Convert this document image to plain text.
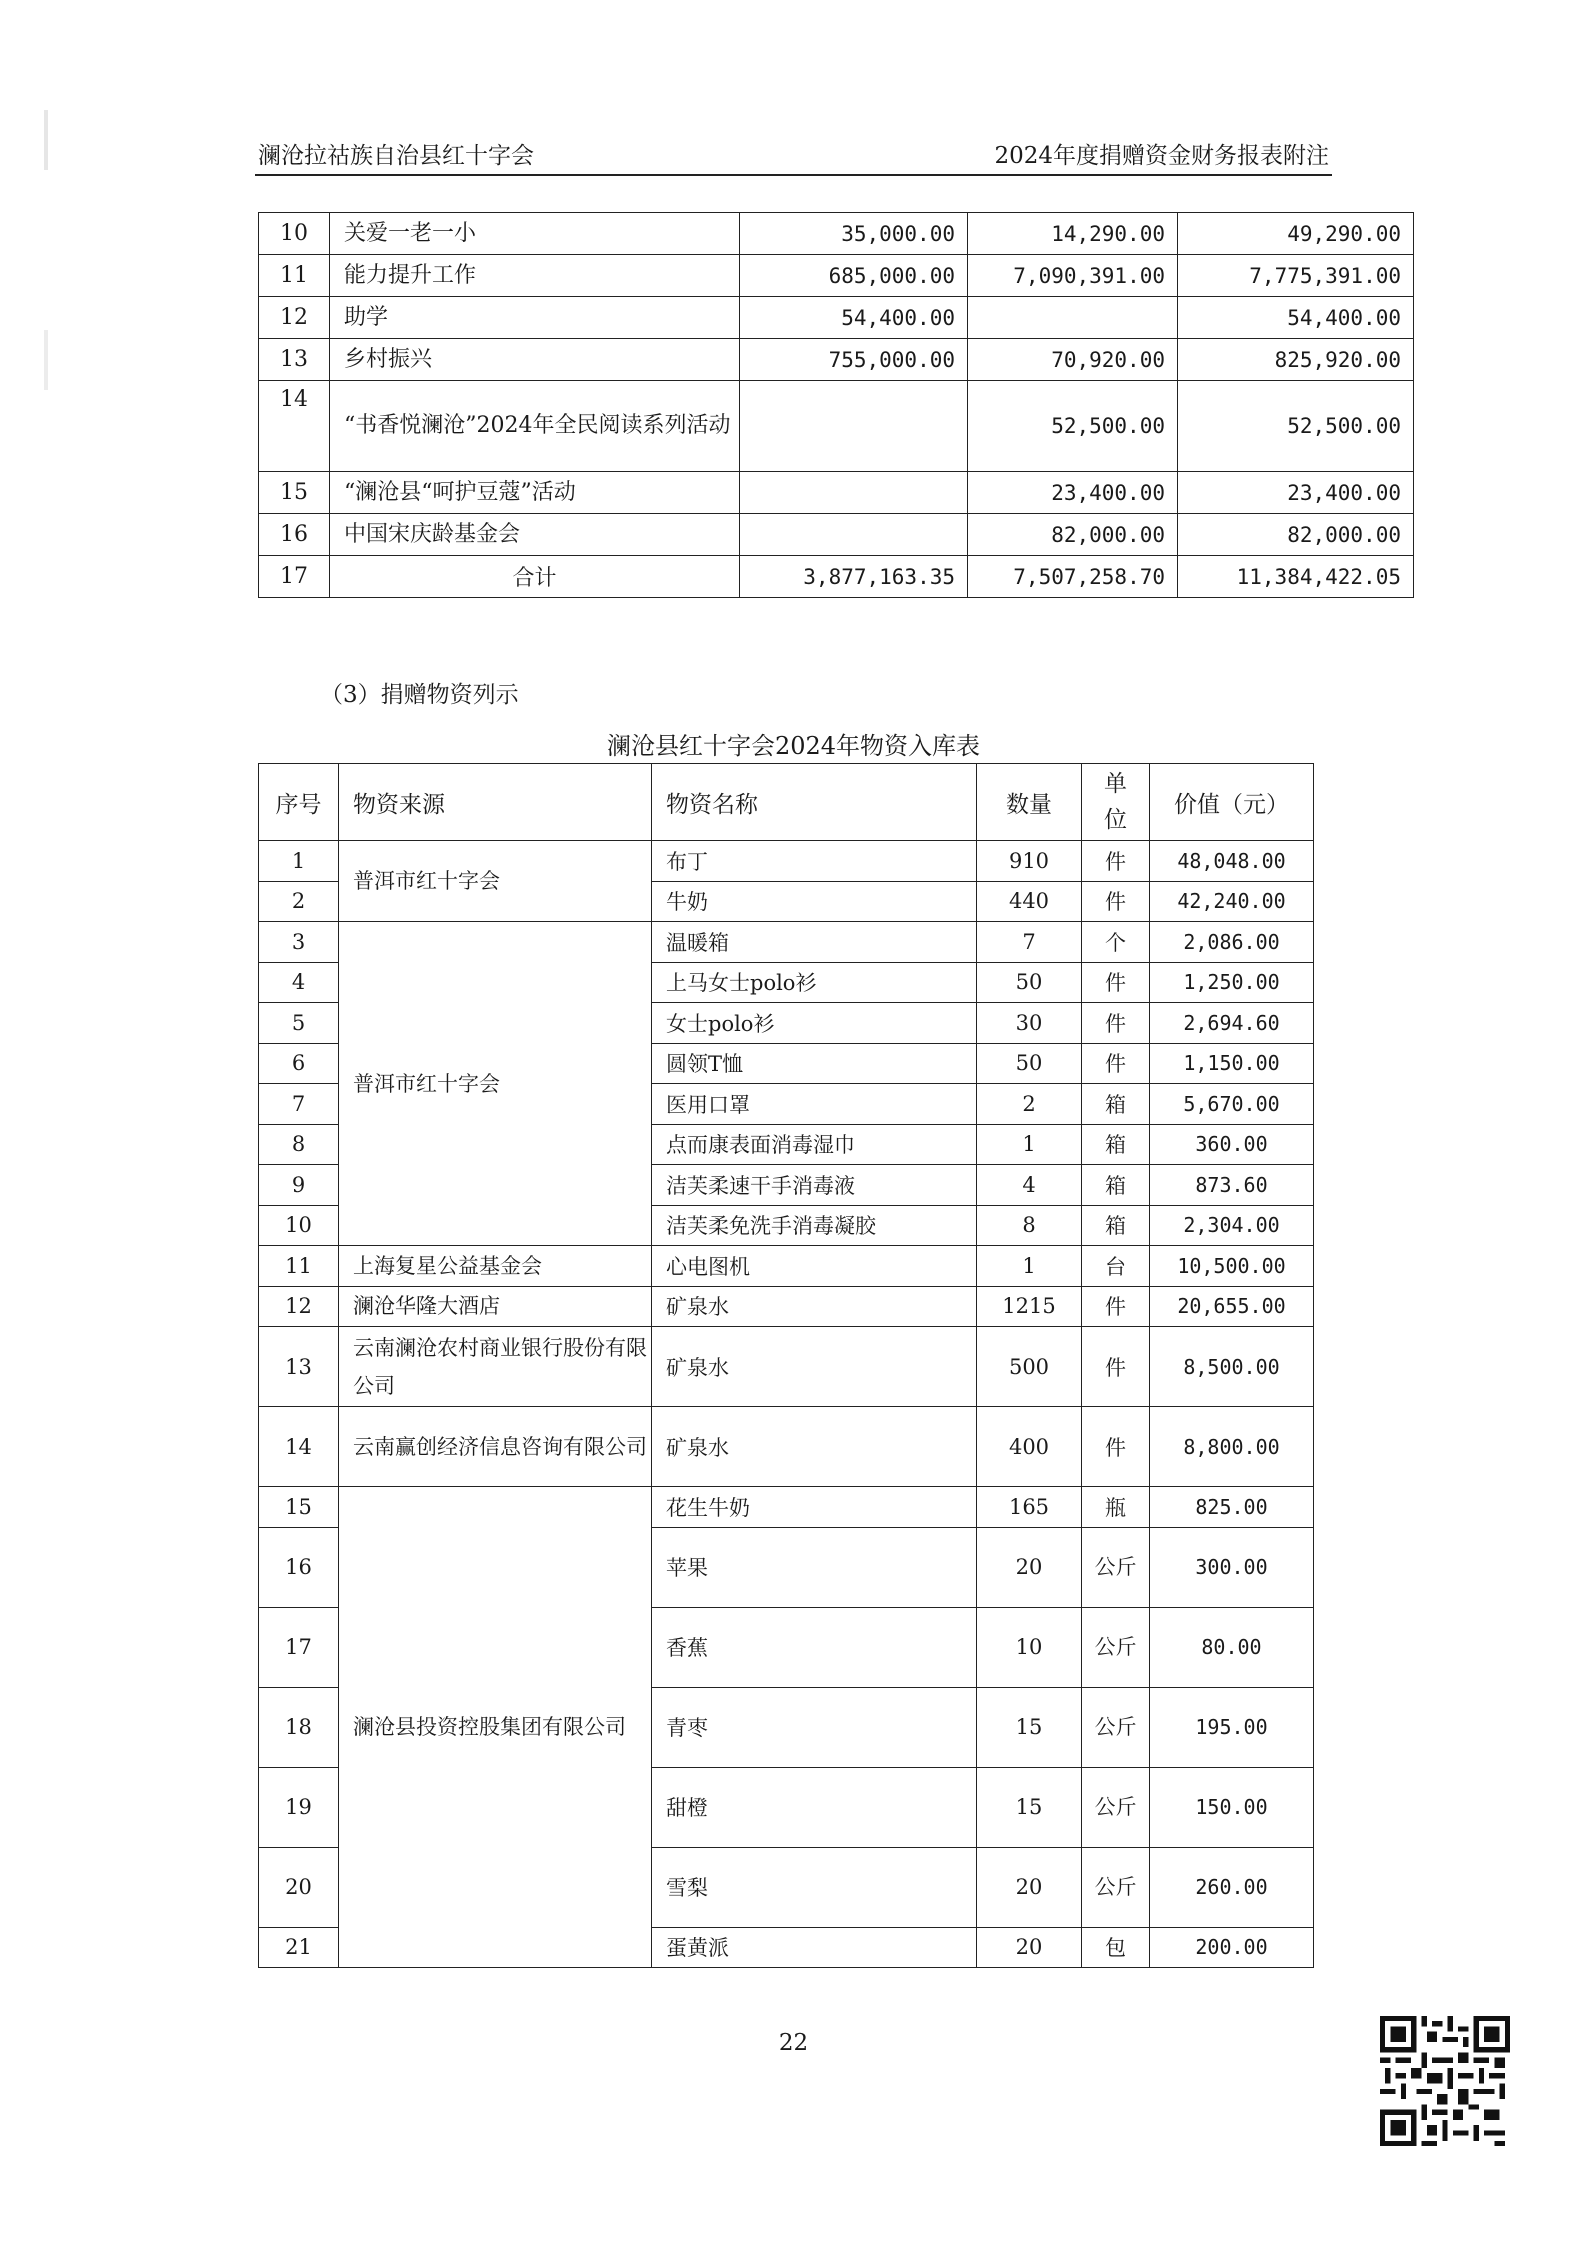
澜沧拉祜族自治县红十字会	2024年度捐赠资金财务报表附注
10	关爱一老一小	35,000.00	14,290.00	49,290.00
11	能力提升工作	685,000.00	7,090,391.00	7,775,391.00
12	助学	54,400.00		54,400.00
13	乡村振兴	755,000.00	70,920.00	825,920.00
14	“书香悦澜沧”2024年全民阅读系列活动		52,500.00	52,500.00
15	“澜沧县“呵护豆蔻”活动		23,400.00	23,400.00
16	中国宋庆龄基金会		82,000.00	82,000.00
17	合计	3,877,163.35	7,507,258.70	11,384,422.05
（3）捐赠物资列示
澜沧县红十字会2024年物资入库表
序号	物资来源	物资名称	数量	单位	价值（元）
1	普洱市红十字会	布丁	910	件	48,048.00
2		牛奶	440	件	42,240.00
3	普洱市红十字会	温暖箱	7	个	2,086.00
4		上马女士polo衫	50	件	1,250.00
5		女士polo衫	30	件	2,694.60
6		圆领T恤	50	件	1,150.00
7		医用口罩	2	箱	5,670.00
8		点而康表面消毒湿巾	1	箱	360.00
9		洁芙柔速干手消毒液	4	箱	873.60
10		洁芙柔免洗手消毒凝胶	8	箱	2,304.00
11	上海复星公益基金会	心电图机	1	台	10,500.00
12	澜沧华隆大酒店	矿泉水	1215	件	20,655.00
13	云南澜沧农村商业银行股份有限公司	矿泉水	500	件	8,500.00
14	云南赢创经济信息咨询有限公司	矿泉水	400	件	8,800.00
15	澜沧县投资控股集团有限公司	花生牛奶	165	瓶	825.00
16		苹果	20	公斤	300.00
17		香蕉	10	公斤	80.00
18		青枣	15	公斤	195.00
19		甜橙	15	公斤	150.00
20		雪梨	20	公斤	260.00
21		蛋黄派	20	包	200.00
22
